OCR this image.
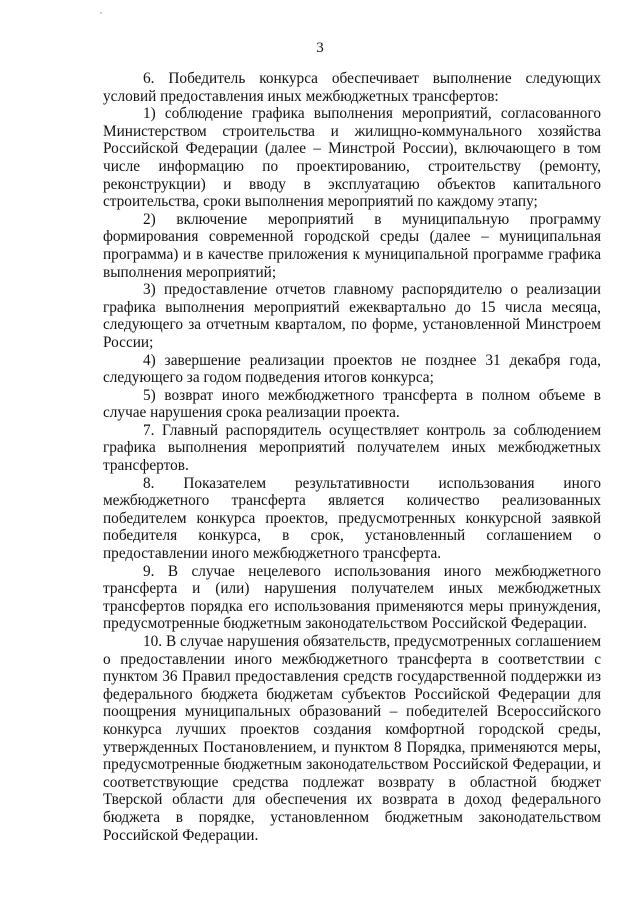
3

6. Победитель конкурса обеспечивает выполнение следующих условий предоставления иных межбюджетных трансфертов:

1) соблюдение графика выполнения мероприятий, согласованного Министерством строительства и жилищно-коммунального хозяйства Российской Федерации (далее – Минстрой России), включающего в том числе информацию по проектированию, строительству (ремонту, реконструкции) и вводу в эксплуатацию объектов капитального строительства, сроки выполнения мероприятий по каждому этапу;

2) включение мероприятий в муниципальную программу формирования современной городской среды (далее – муниципальная программа) и в качестве приложения к муниципальной программе графика выполнения мероприятий;

3) предоставление отчетов главному распорядителю о реализации графика выполнения мероприятий ежеквартально до 15 числа месяца, следующего за отчетным кварталом, по форме, установленной Минстроем России;

4) завершение реализации проектов не позднее 31 декабря года, следующего за годом подведения итогов конкурса;

5) возврат иного межбюджетного трансферта в полном объеме в случае нарушения срока реализации проекта.

7. Главный распорядитель осуществляет контроль за соблюдением графика выполнения мероприятий получателем иных межбюджетных трансфертов.

8. Показателем результативности использования иного межбюджетного трансферта является количество реализованных победителем конкурса проектов, предусмотренных конкурсной заявкой победителя конкурса, в срок, установленный соглашением о предоставлении иного межбюджетного трансферта.

9. В случае нецелевого использования иного межбюджетного трансферта и (или) нарушения получателем иных межбюджетных трансфертов порядка его использования применяются меры принуждения, предусмотренные бюджетным законодательством Российской Федерации.

10. В случае нарушения обязательств, предусмотренных соглашением о предоставлении иного межбюджетного трансферта в соответствии с пунктом 36 Правил предоставления средств государственной поддержки из федерального бюджета бюджетам субъектов Российской Федерации для поощрения муниципальных образований – победителей Всероссийского конкурса лучших проектов создания комфортной городской среды, утвержденных Постановлением, и пунктом 8 Порядка, применяются меры, предусмотренные бюджетным законодательством Российской Федерации, и соответствующие средства подлежат возврату в областной бюджет Тверской области для обеспечения их возврата в доход федерального бюджета в порядке, установленном бюджетным законодательством Российской Федерации.
